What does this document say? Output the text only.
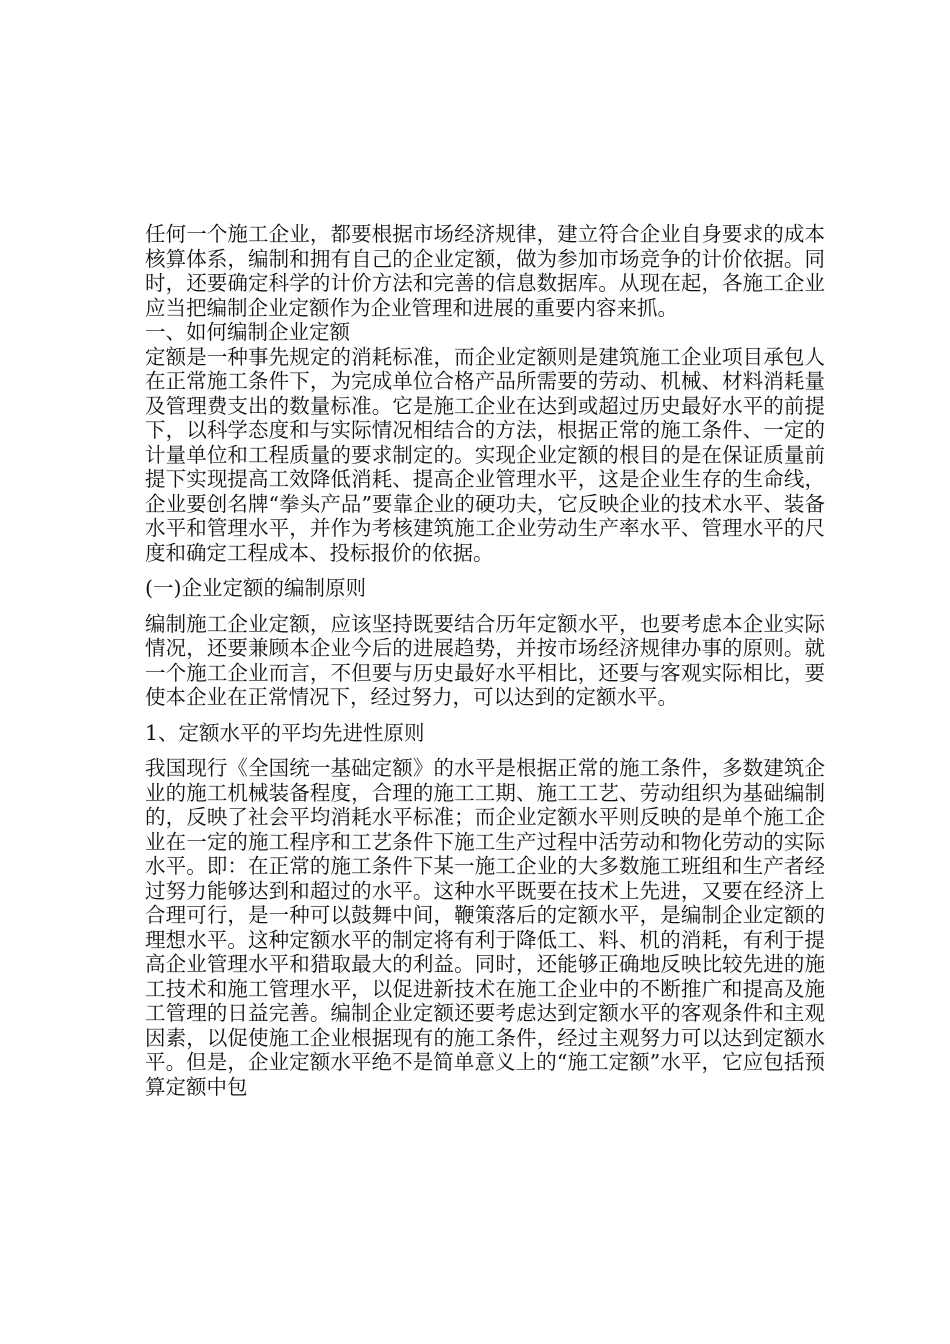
任何一个施工企业，都要根据市场经济规律，建立符合企业自身要求的成本核算体系，编制和拥有自己的企业定额，做为参加市场竞争的计价依据。同时，还要确定科学的计价方法和完善的信息数据库。从现在起，各施工企业应当把编制企业定额作为企业管理和进展的重要内容来抓。

一、如何编制企业定额

定额是一种事先规定的消耗标准，而企业定额则是建筑施工企业项目承包人在正常施工条件下，为完成单位合格产品所需要的劳动、机械、材料消耗量及管理费支出的数量标准。它是施工企业在达到或超过历史最好水平的前提下，以科学态度和与实际情况相结合的方法，根据正常的施工条件、一定的计量单位和工程质量的要求制定的。实现企业定额的根目的是在保证质量前提下实现提高工效降低消耗、提高企业管理水平，这是企业生存的生命线，企业要创名牌“拳头产品”要靠企业的硬功夫，它反映企业的技术水平、装备水平和管理水平，并作为考核建筑施工企业劳动生产率水平、管理水平的尺度和确定工程成本、投标报价的依据。

(一)企业定额的编制原则

编制施工企业定额，应该坚持既要结合历年定额水平，也要考虑本企业实际情况，还要兼顾本企业今后的进展趋势，并按市场经济规律办事的原则。就一个施工企业而言，不但要与历史最好水平相比，还要与客观实际相比，要使本企业在正常情况下，经过努力，可以达到的定额水平。

1、定额水平的平均先进性原则

我国现行《全国统一基础定额》的水平是根据正常的施工条件，多数建筑企业的施工机械装备程度，合理的施工工期、施工工艺、劳动组织为基础编制的，反映了社会平均消耗水平标准；而企业定额水平则反映的是单个施工企业在一定的施工程序和工艺条件下施工生产过程中活劳动和物化劳动的实际水平。即：在正常的施工条件下某一施工企业的大多数施工班组和生产者经过努力能够达到和超过的水平。这种水平既要在技术上先进，又要在经济上合理可行，是一种可以鼓舞中间，鞭策落后的定额水平，是编制企业定额的理想水平。这种定额水平的制定将有利于降低工、料、机的消耗，有利于提高企业管理水平和猎取最大的利益。同时，还能够正确地反映比较先进的施工技术和施工管理水平，以促进新技术在施工企业中的不断推广和提高及施工管理的日益完善。编制企业定额还要考虑达到定额水平的客观条件和主观因素，以促使施工企业根据现有的施工条件，经过主观努力可以达到定额水平。但是，企业定额水平绝不是简单意义上的“施工定额”水平，它应包括预算定额中包
